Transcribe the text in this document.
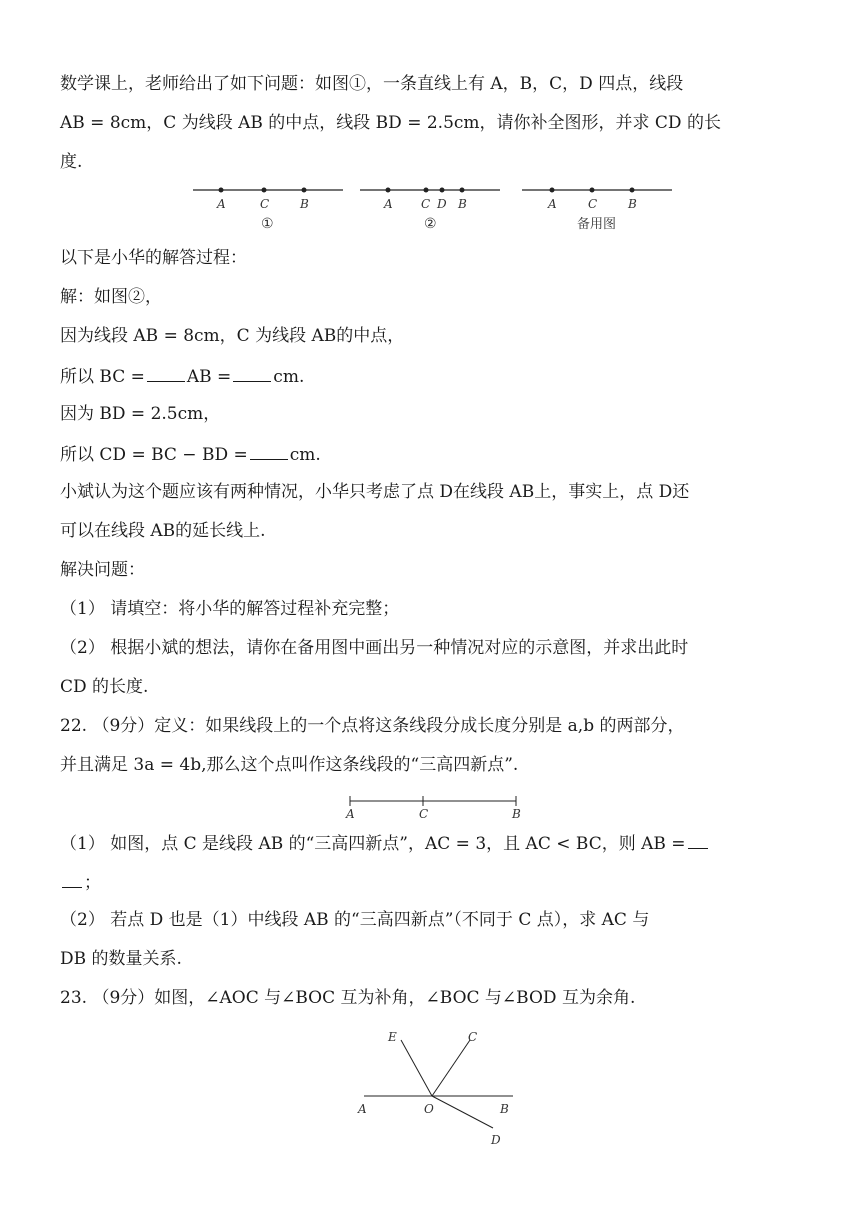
数学课上，老师给出了如下问题：如图①，一条直线上有 A，B，C，D 四点，线段
AB = 8cm，C 为线段 AB 的中点，线段 BD = 2.5cm，请你补全图形，并求 CD 的长
度.
A	C	B
①
A C D B
②
A	C	B
备用图
A	C	B
E	C
A	O	B
D
以下是小华的解答过程：
解：如图②，
因为线段 AB = 8cm，C 为线段 AB的中点，
所以 BC = AB = cm.
因为 BD = 2.5cm，
所以 CD = BC − BD = cm.
小斌认为这个题应该有两种情况，小华只考虑了点 D在线段 AB上，事实上，点 D还
可以在线段 AB的延长线上.
解决问题：
（1） 请填空：将小华的解答过程补充完整；
（2） 根据小斌的想法，请你在备用图中画出另一种情况对应的示意图，并求出此时
CD 的长度.
22. （9分）定义：如果线段上的一个点将这条线段分成长度分别是 a,b 的两部分，
并且满足 3a = 4b,那么这个点叫作这条线段的“三高四新点”.
（1） 如图，点 C 是线段 AB 的“三高四新点”，AC = 3，且 AC < BC，则 AB =
；
（2） 若点 D 也是（1）中线段 AB 的“三高四新点”（不同于 C 点），求 AC 与
DB 的数量关系.
23. （9分）如图，∠AOC 与∠BOC 互为补角，∠BOC 与∠BOD 互为余角.
